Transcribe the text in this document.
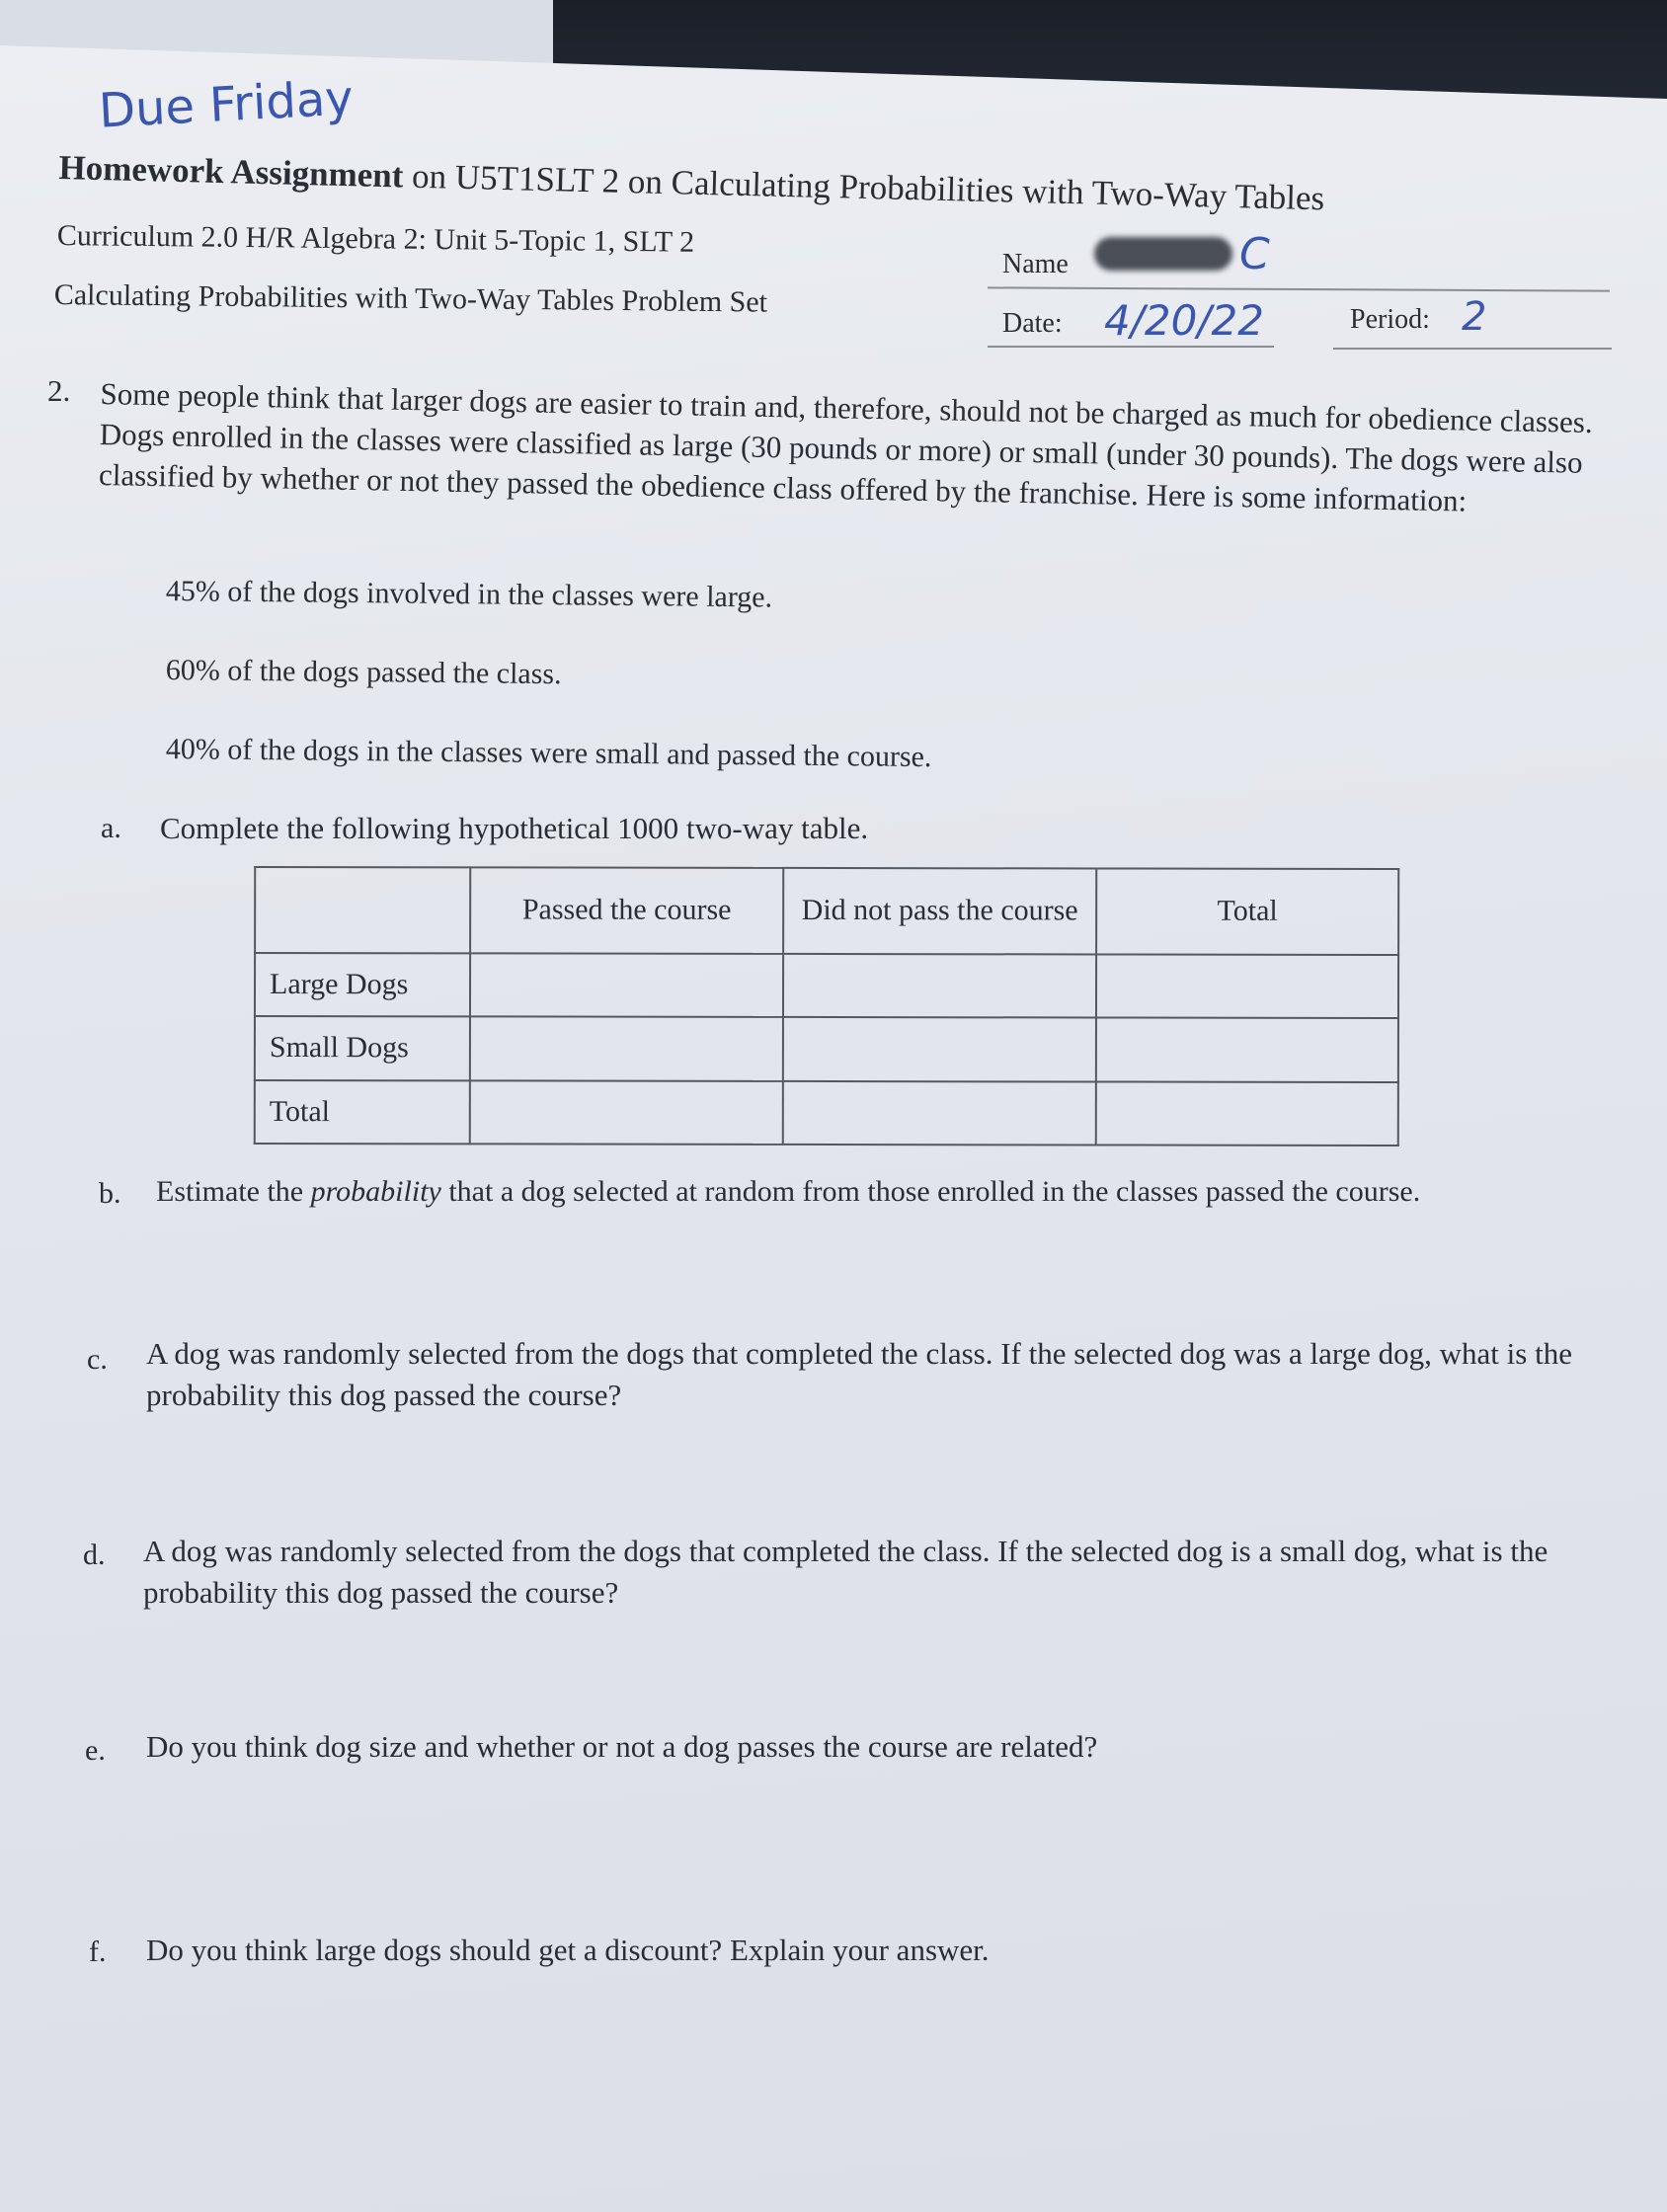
Due Friday
Homework Assignment on U5T1SLT 2 on Calculating Probabilities with Two-Way Tables
Curriculum 2.0 H/R Algebra 2: Unit 5-Topic 1, SLT 2
Calculating Probabilities with Two-Way Tables Problem Set
Name	C
Date: 4/20/22	Period: 2
2. Some people think that larger dogs are easier to train and, therefore, should not be charged as much for obedience classes. Dogs enrolled in the classes were classified as large (30 pounds or more) or small (under 30 pounds). The dogs were also classified by whether or not they passed the obedience class offered by the franchise. Here is some information:
45% of the dogs involved in the classes were large.
60% of the dogs passed the class.
40% of the dogs in the classes were small and passed the course.
a. Complete the following hypothetical 1000 two-way table.
	Passed the course	Did not pass the course	Total
Large Dogs			
Small Dogs			
Total			
b. Estimate the probability that a dog selected at random from those enrolled in the classes passed the course.
c. A dog was randomly selected from the dogs that completed the class. If the selected dog was a large dog, what is the probability this dog passed the course?
d. A dog was randomly selected from the dogs that completed the class. If the selected dog is a small dog, what is the probability this dog passed the course?
e. Do you think dog size and whether or not a dog passes the course are related?
f. Do you think large dogs should get a discount? Explain your answer.
